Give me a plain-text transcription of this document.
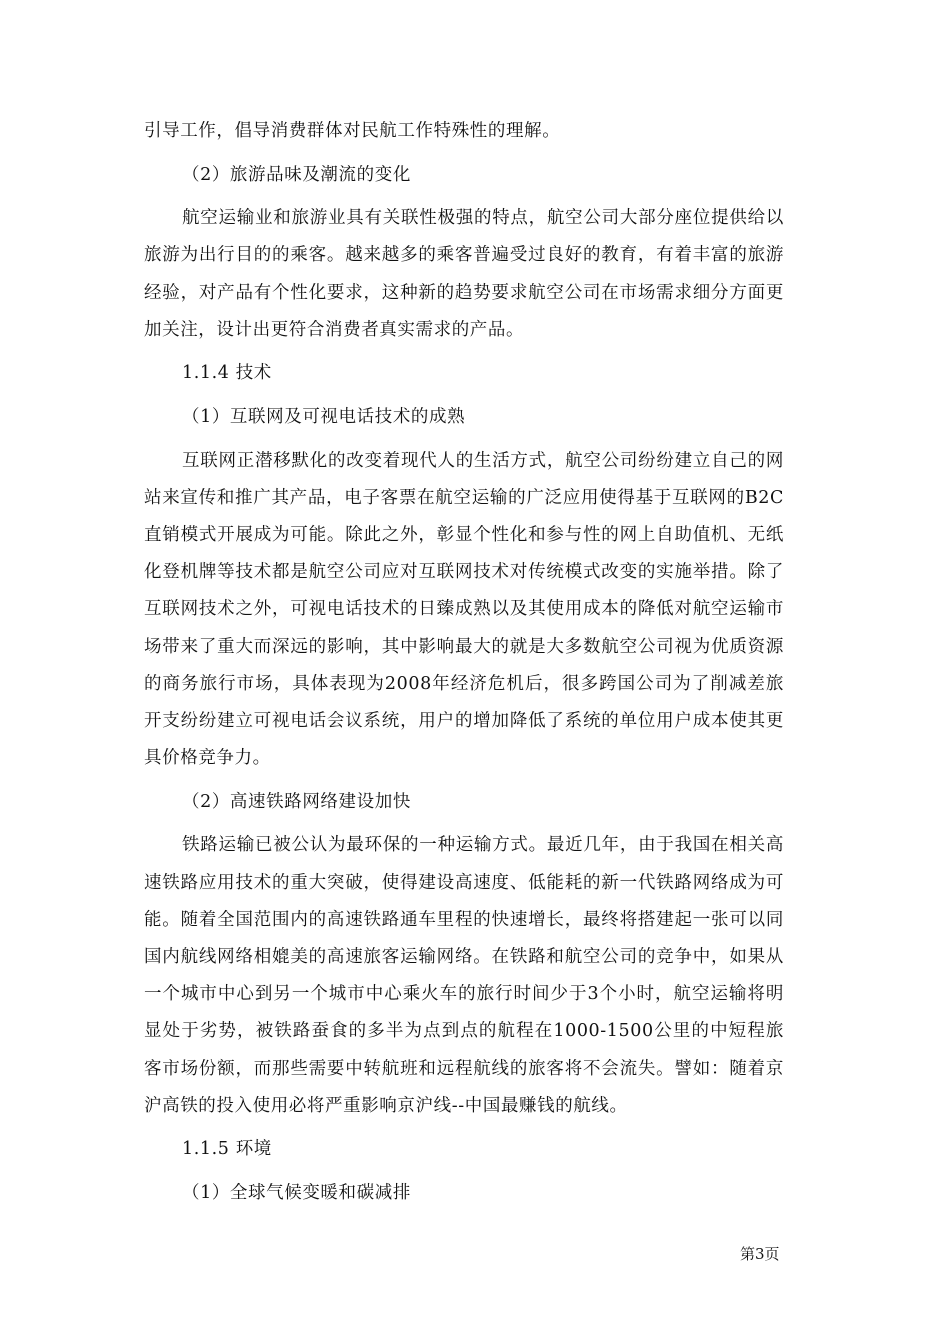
引导工作，倡导消费群体对民航工作特殊性的理解。

（2）旅游品味及潮流的变化

航空运输业和旅游业具有关联性极强的特点，航空公司大部分座位提供给以旅游为出行目的的乘客。越来越多的乘客普遍受过良好的教育，有着丰富的旅游经验，对产品有个性化要求，这种新的趋势要求航空公司在市场需求细分方面更加关注，设计出更符合消费者真实需求的产品。

1.1.4 技术

（1）互联网及可视电话技术的成熟

互联网正潜移默化的改变着现代人的生活方式，航空公司纷纷建立自己的网站来宣传和推广其产品，电子客票在航空运输的广泛应用使得基于互联网的B2C直销模式开展成为可能。除此之外，彰显个性化和参与性的网上自助值机、无纸化登机牌等技术都是航空公司应对互联网技术对传统模式改变的实施举措。除了互联网技术之外，可视电话技术的日臻成熟以及其使用成本的降低对航空运输市场带来了重大而深远的影响，其中影响最大的就是大多数航空公司视为优质资源的商务旅行市场，具体表现为2008年经济危机后，很多跨国公司为了削减差旅开支纷纷建立可视电话会议系统，用户的增加降低了系统的单位用户成本使其更具价格竞争力。

（2）高速铁路网络建设加快

铁路运输已被公认为最环保的一种运输方式。最近几年，由于我国在相关高速铁路应用技术的重大突破，使得建设高速度、低能耗的新一代铁路网络成为可能。随着全国范围内的高速铁路通车里程的快速增长，最终将搭建起一张可以同国内航线网络相媲美的高速旅客运输网络。在铁路和航空公司的竞争中，如果从一个城市中心到另一个城市中心乘火车的旅行时间少于3个小时，航空运输将明显处于劣势，被铁路蚕食的多半为点到点的航程在1000-1500公里的中短程旅客市场份额，而那些需要中转航班和远程航线的旅客将不会流失。譬如：随着京沪高铁的投入使用必将严重影响京沪线--中国最赚钱的航线。

1.1.5 环境

（1）全球气候变暖和碳减排

第3页
